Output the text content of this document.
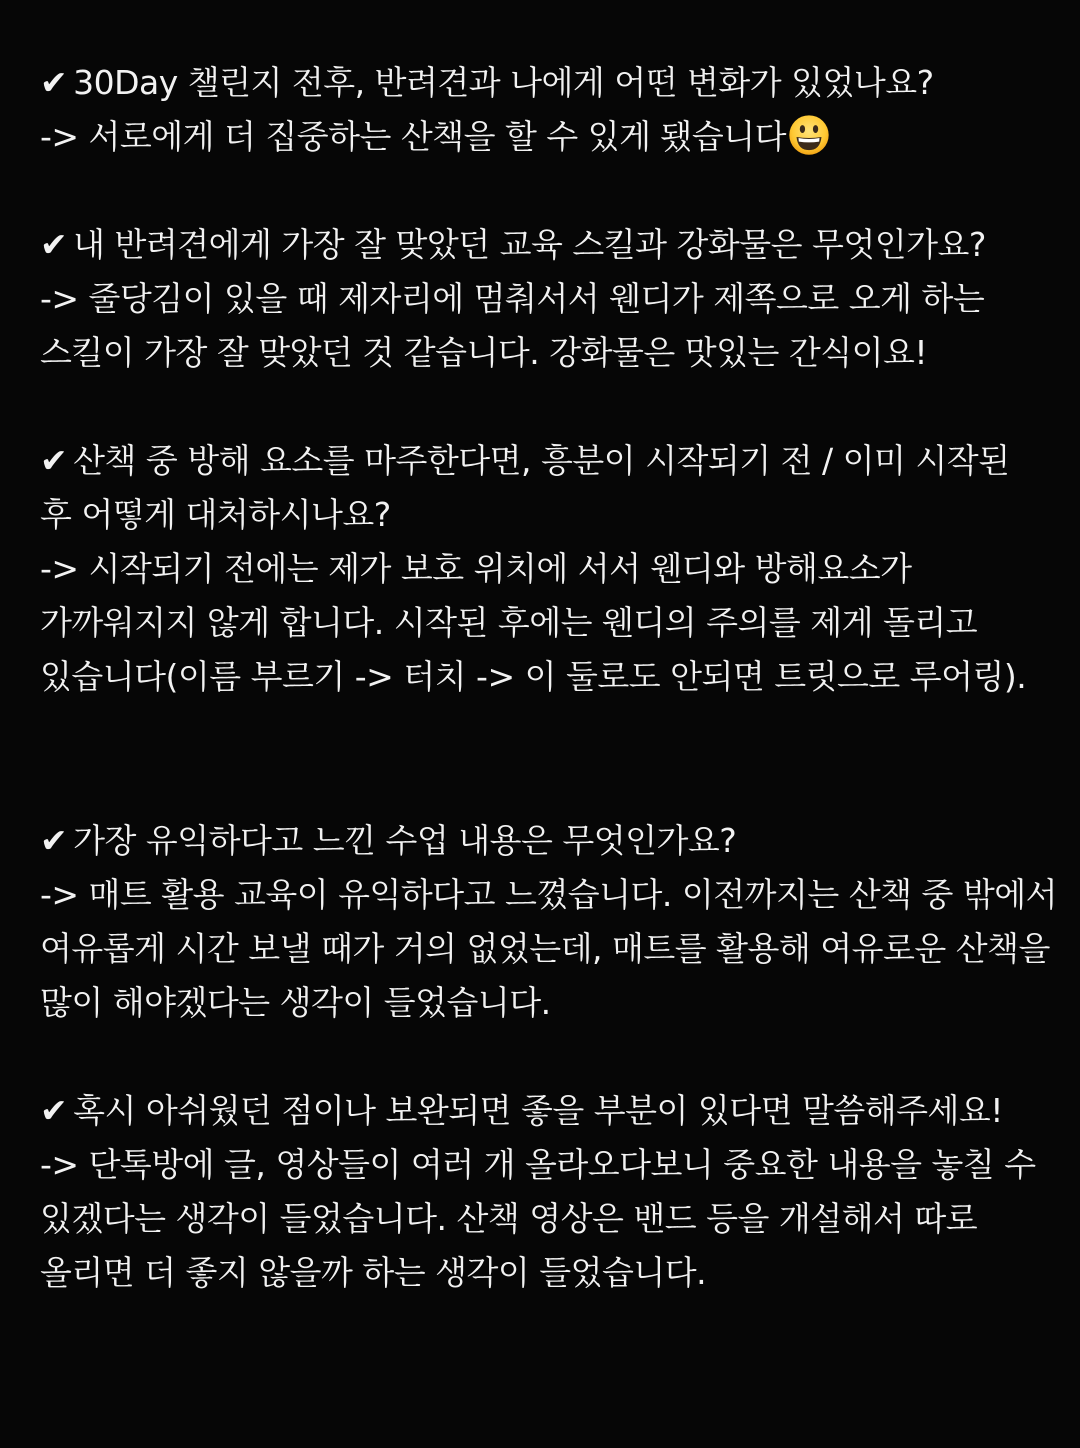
✔ 30Day 챌린지 전후, 반려견과 나에게 어떤 변화가 있었나요?
-> 서로에게 더 집중하는 산책을 할 수 있게 됐습니다
✔ 내 반려견에게 가장 잘 맞았던 교육 스킬과 강화물은 무엇인가요?
-> 줄당김이 있을 때 제자리에 멈춰서서 웬디가 제쪽으로 오게 하는
스킬이 가장 잘 맞았던 것 같습니다. 강화물은 맛있는 간식이요!
✔ 산책 중 방해 요소를 마주한다면, 흥분이 시작되기 전 / 이미 시작된
후 어떻게 대처하시나요?
-> 시작되기 전에는 제가 보호 위치에 서서 웬디와 방해요소가
가까워지지 않게 합니다. 시작된 후에는 웬디의 주의를 제게 돌리고
있습니다(이름 부르기 -> 터치 -> 이 둘로도 안되면 트릿으로 루어링).
✔ 가장 유익하다고 느낀 수업 내용은 무엇인가요?
-> 매트 활용 교육이 유익하다고 느꼈습니다. 이전까지는 산책 중 밖에서
여유롭게 시간 보낼 때가 거의 없었는데, 매트를 활용해 여유로운 산책을
많이 해야겠다는 생각이 들었습니다.
✔ 혹시 아쉬웠던 점이나 보완되면 좋을 부분이 있다면 말씀해주세요!
-> 단톡방에 글, 영상들이 여러 개 올라오다보니 중요한 내용을 놓칠 수
있겠다는 생각이 들었습니다. 산책 영상은 밴드 등을 개설해서 따로
올리면 더 좋지 않을까 하는 생각이 들었습니다.
